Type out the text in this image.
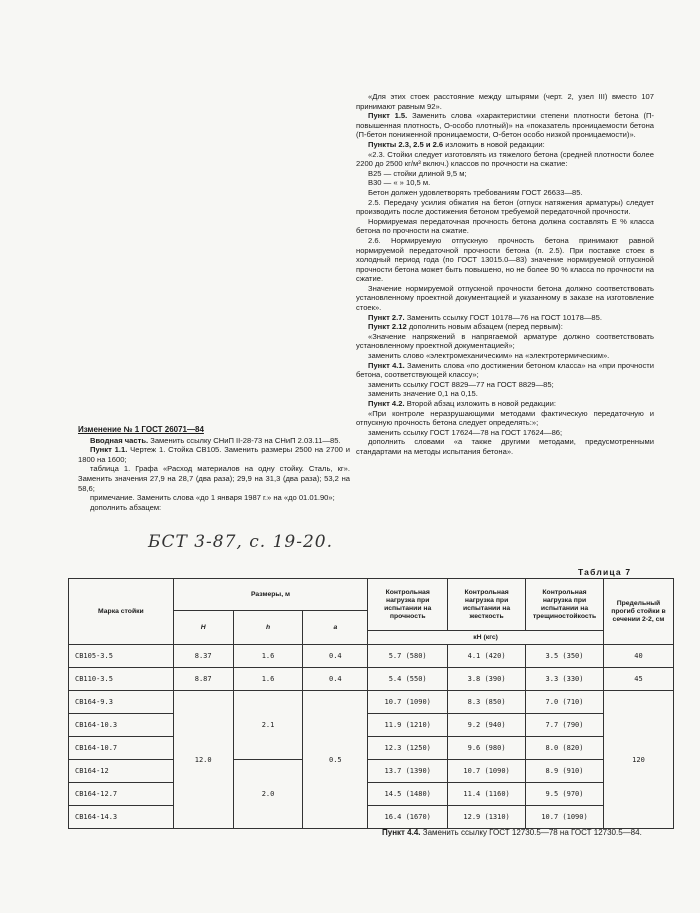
«Для этих стоек расстояние между штырями (черт. 2, узел III) вместо 107 принимают равным 92».

Пункт 1.5. Заменить слова «характеристики степени плотности бетона (П-повышенная плотность, О-особо плотный)» на «показатель проницаемости бетона (П-бетон пониженной проницаемости, О-бетон особо низкой проницаемости)».

Пункты 2.3, 2.5 и 2.6 изложить в новой редакции:

«2.3. Стойки следует изготовлять из тяжелого бетона (средней плотности более 2200 до 2500 кг/м³ включ.) классов по прочности на сжатие:

B25 — стойки длиной 9,5 м;

B30 — « » 10,5 м.

Бетон должен удовлетворять требованиям ГОСТ 26633—85.

2.5. Передачу усилия обжатия на бетон (отпуск натяжения арматуры) следует производить после достижения бетоном требуемой передаточной прочности.

Нормируемая передаточная прочность бетона должна составлять Е % класса бетона по прочности на сжатие.

2.6. Нормируемую отпускную прочность бетона принимают равной нормируемой передаточной прочности бетона (п. 2.5). При поставке стоек в холодный период года (по ГОСТ 13015.0—83) значение нормируемой отпускной прочности бетона может быть повышено, но не более 90 % класса по прочности на сжатие.

Значение нормируемой отпускной прочности бетона должно соответствовать установленному проектной документацией и указанному в заказе на изготовление стоек».

Пункт 2.7. Заменить ссылку ГОСТ 10178—76 на ГОСТ 10178—85.

Пункт 2.12 дополнить новым абзацем (перед первым):

«Значение напряжений в напрягаемой арматуре должно соответствовать установленному проектной документацией»;

заменить слово «электромеханическим» на «электротермическим».

Пункт 4.1. Заменить слова «по достижении бетоном класса» на «при прочности бетона, соответствующей классу»;

заменить ссылку ГОСТ 8829—77 на ГОСТ 8829—85;

заменить значение 0,1 на 0,15.

Пункт 4.2. Второй абзац изложить в новой редакции:

«При контроле неразрушающими методами фактическую передаточную и отпускную прочность бетона следует определять:»;

заменить ссылку ГОСТ 17624—78 на ГОСТ 17624—86;

дополнить словами «а также другими методами, предусмотренными стандартами на методы испытания бетона».

Изменение № 1 ГОСТ 26071—84

Вводная часть. Заменить ссылку СНиП II-28-73 на СНиП 2.03.11—85.

Пункт 1.1. Чертеж 1. Стойка СВ105. Заменить размеры 2500 на 2700 и 1800 на 1600;

таблица 1. Графа «Расход материалов на одну стойку. Сталь, кг». Заменить значения 27,9 на 28,7 (два раза); 29,9 на 31,3 (два раза); 53,2 на 58,6;

примечание. Заменить слова «до 1 января 1987 г.» на «до 01.01.90»;

дополнить абзацем:

БСТ 3-87, с. 19-20.
Таблица 7
Марка стойки	Размеры, м			Контрольная нагрузка при испытании на прочность	Контрольная нагрузка при испытании на жесткость	Контрольная нагрузка при испытании на трещиностойкость	Предельный прогиб стойки в сечении 2-2, см
	H	h	a				
				кН (кгс)			
СВ105-3.5	8.37	1.6	0.4	5.7 (580)	4.1 (420)	3.5 (350)	40
СВ110-3.5	8.87	1.6	0.4	5.4 (550)	3.8 (390)	3.3 (330)	45
СВ164-9.3	12.0	2.1	0.5	10.7 (1090)	8.3 (850)	7.0 (710)	120
СВ164-10.3				11.9 (1210)	9.2 (940)	7.7 (790)	
СВ164-10.7				12.3 (1250)	9.6 (980)	8.0 (820)	
СВ164-12		2.0		13.7 (1390)	10.7 (1090)	8.9 (910)	
СВ164-12.7				14.5 (1480)	11.4 (1160)	9.5 (970)	
СВ164-14.3				16.4 (1670)	12.9 (1310)	10.7 (1090)	

Пункт 4.4. Заменить ссылку ГОСТ 12730.5—78 на ГОСТ 12730.5—84.
